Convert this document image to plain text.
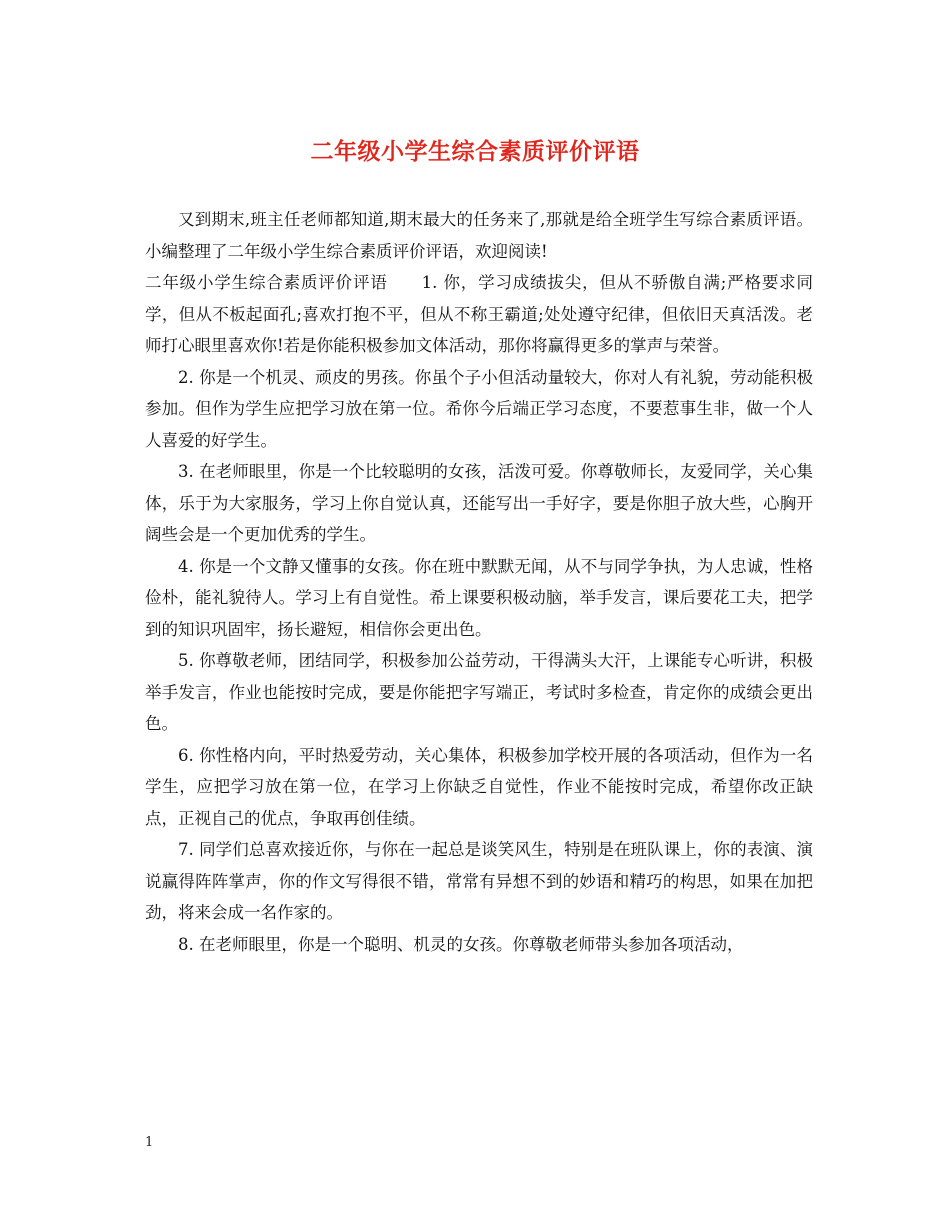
二年级小学生综合素质评价评语

又到期末,班主任老师都知道,期末最大的任务来了,那就是给全班学生写综合素质评语。小编整理了二年级小学生综合素质评价评语，欢迎阅读!

二年级小学生综合素质评价评语 1. 你，学习成绩拔尖，但从不骄傲自满;严格要求同学，但从不板起面孔;喜欢打抱不平，但从不称王霸道;处处遵守纪律，但依旧天真活泼。老师打心眼里喜欢你!若是你能积极参加文体活动，那你将赢得更多的掌声与荣誉。

2. 你是一个机灵、顽皮的男孩。你虽个子小但活动量较大，你对人有礼貌，劳动能积极参加。但作为学生应把学习放在第一位。希你今后端正学习态度，不要惹事生非，做一个人人喜爱的好学生。

3. 在老师眼里，你是一个比较聪明的女孩，活泼可爱。你尊敬师长，友爱同学，关心集体，乐于为大家服务，学习上你自觉认真，还能写出一手好字，要是你胆子放大些，心胸开阔些会是一个更加优秀的学生。

4. 你是一个文静又懂事的女孩。你在班中默默无闻，从不与同学争执，为人忠诚，性格俭朴，能礼貌待人。学习上有自觉性。希上课要积极动脑，举手发言，课后要花工夫，把学到的知识巩固牢，扬长避短，相信你会更出色。

5. 你尊敬老师，团结同学，积极参加公益劳动，干得满头大汗，上课能专心听讲，积极举手发言，作业也能按时完成，要是你能把字写端正，考试时多检查，肯定你的成绩会更出色。

6. 你性格内向，平时热爱劳动，关心集体，积极参加学校开展的各项活动，但作为一名学生，应把学习放在第一位，在学习上你缺乏自觉性，作业不能按时完成，希望你改正缺点，正视自己的优点，争取再创佳绩。

7. 同学们总喜欢接近你，与你在一起总是谈笑风生，特别是在班队课上，你的表演、演说赢得阵阵掌声，你的作文写得很不错，常常有异想不到的妙语和精巧的构思，如果在加把劲，将来会成一名作家的。

8. 在老师眼里，你是一个聪明、机灵的女孩。你尊敬老师带头参加各项活动，

1
